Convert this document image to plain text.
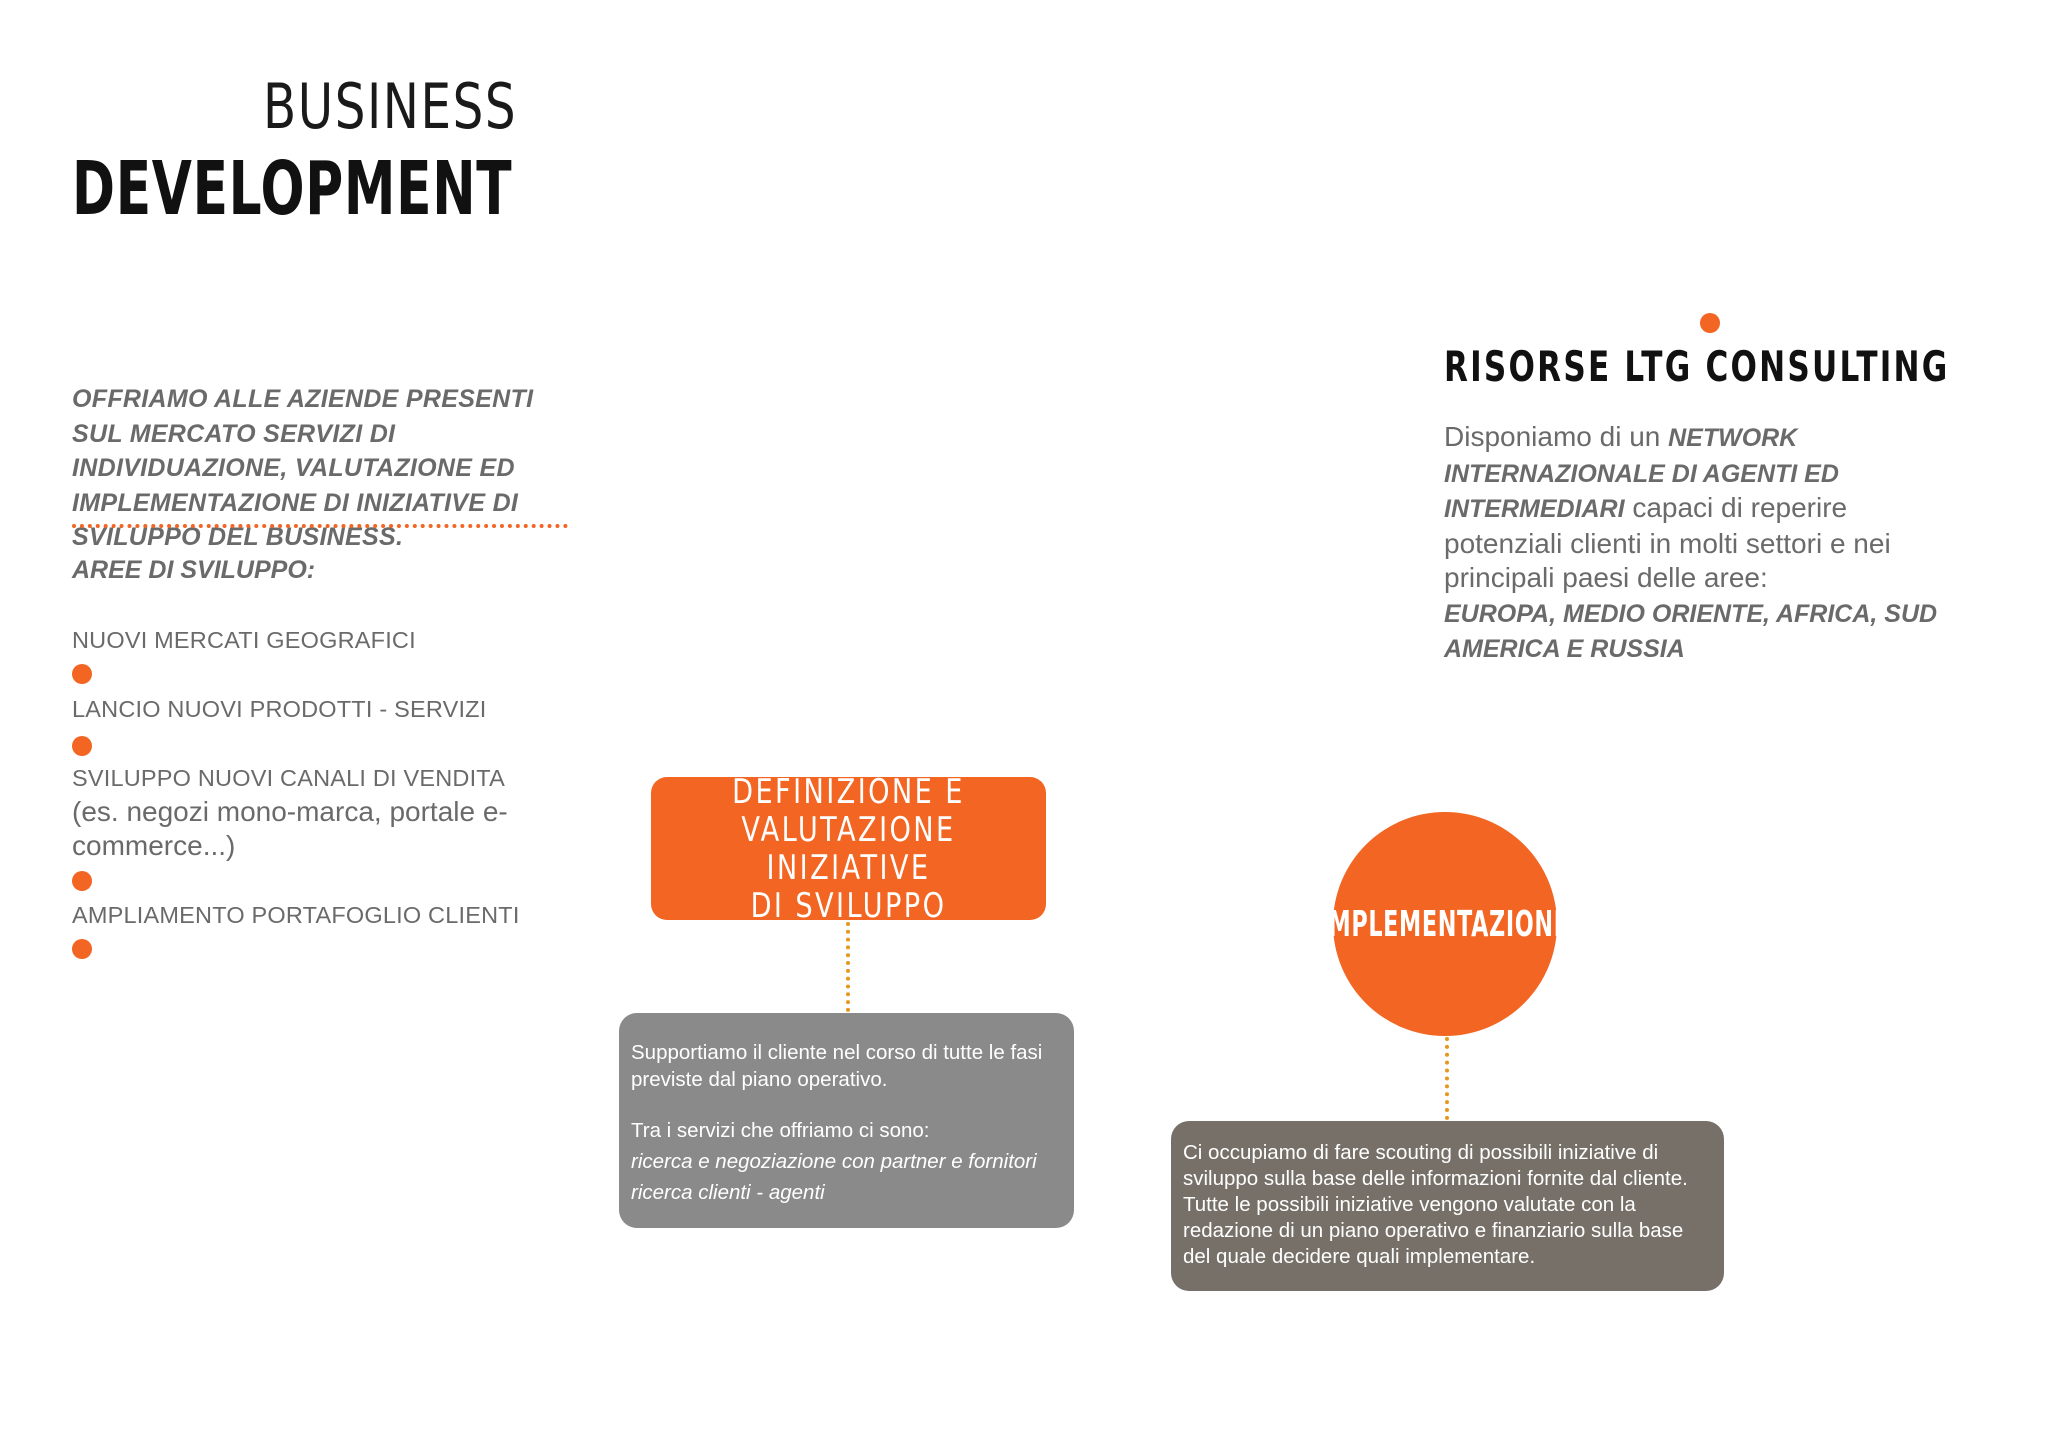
BUSINESS
DEVELOPMENT
OFFRIAMO ALLE AZIENDE PRESENTI SUL MERCATO SERVIZI DI INDIVIDUAZIONE, VALUTAZIONE ED IMPLEMENTAZIONE DI INIZIATIVE DI SVILUPPO DEL BUSINESS.
AREE DI SVILUPPO:
NUOVI MERCATI GEOGRAFICI
LANCIO NUOVI PRODOTTI - SERVIZI
SVILUPPO NUOVI CANALI DI VENDITA
(es. negozi mono-marca, portale e-commerce...)
AMPLIAMENTO PORTAFOGLIO CLIENTI
DEFINIZIONE E
VALUTAZIONE INIZIATIVE
DI SVILUPPO

Supportiamo il cliente nel corso di tutte le fasi previste dal piano operativo.

Tra i servizi che offriamo ci sono:

ricerca e negoziazione con partner e fornitori

ricerca clienti - agenti

IMPLEMENTAZIONE
Ci occupiamo di fare scouting di possibili iniziative di sviluppo sulla base delle informazioni fornite dal cliente. Tutte le possibili iniziative vengono valutate con la redazione di un piano operativo e finanziario sulla base del quale decidere quali implementare.
RISORSE LTG CONSULTING
Disponiamo di un NETWORK INTERNAZIONALE DI AGENTI ED INTERMEDIARI capaci di reperire potenziali clienti in molti settori e nei principali paesi delle aree:
EUROPA, MEDIO ORIENTE, AFRICA, SUD AMERICA E RUSSIA
